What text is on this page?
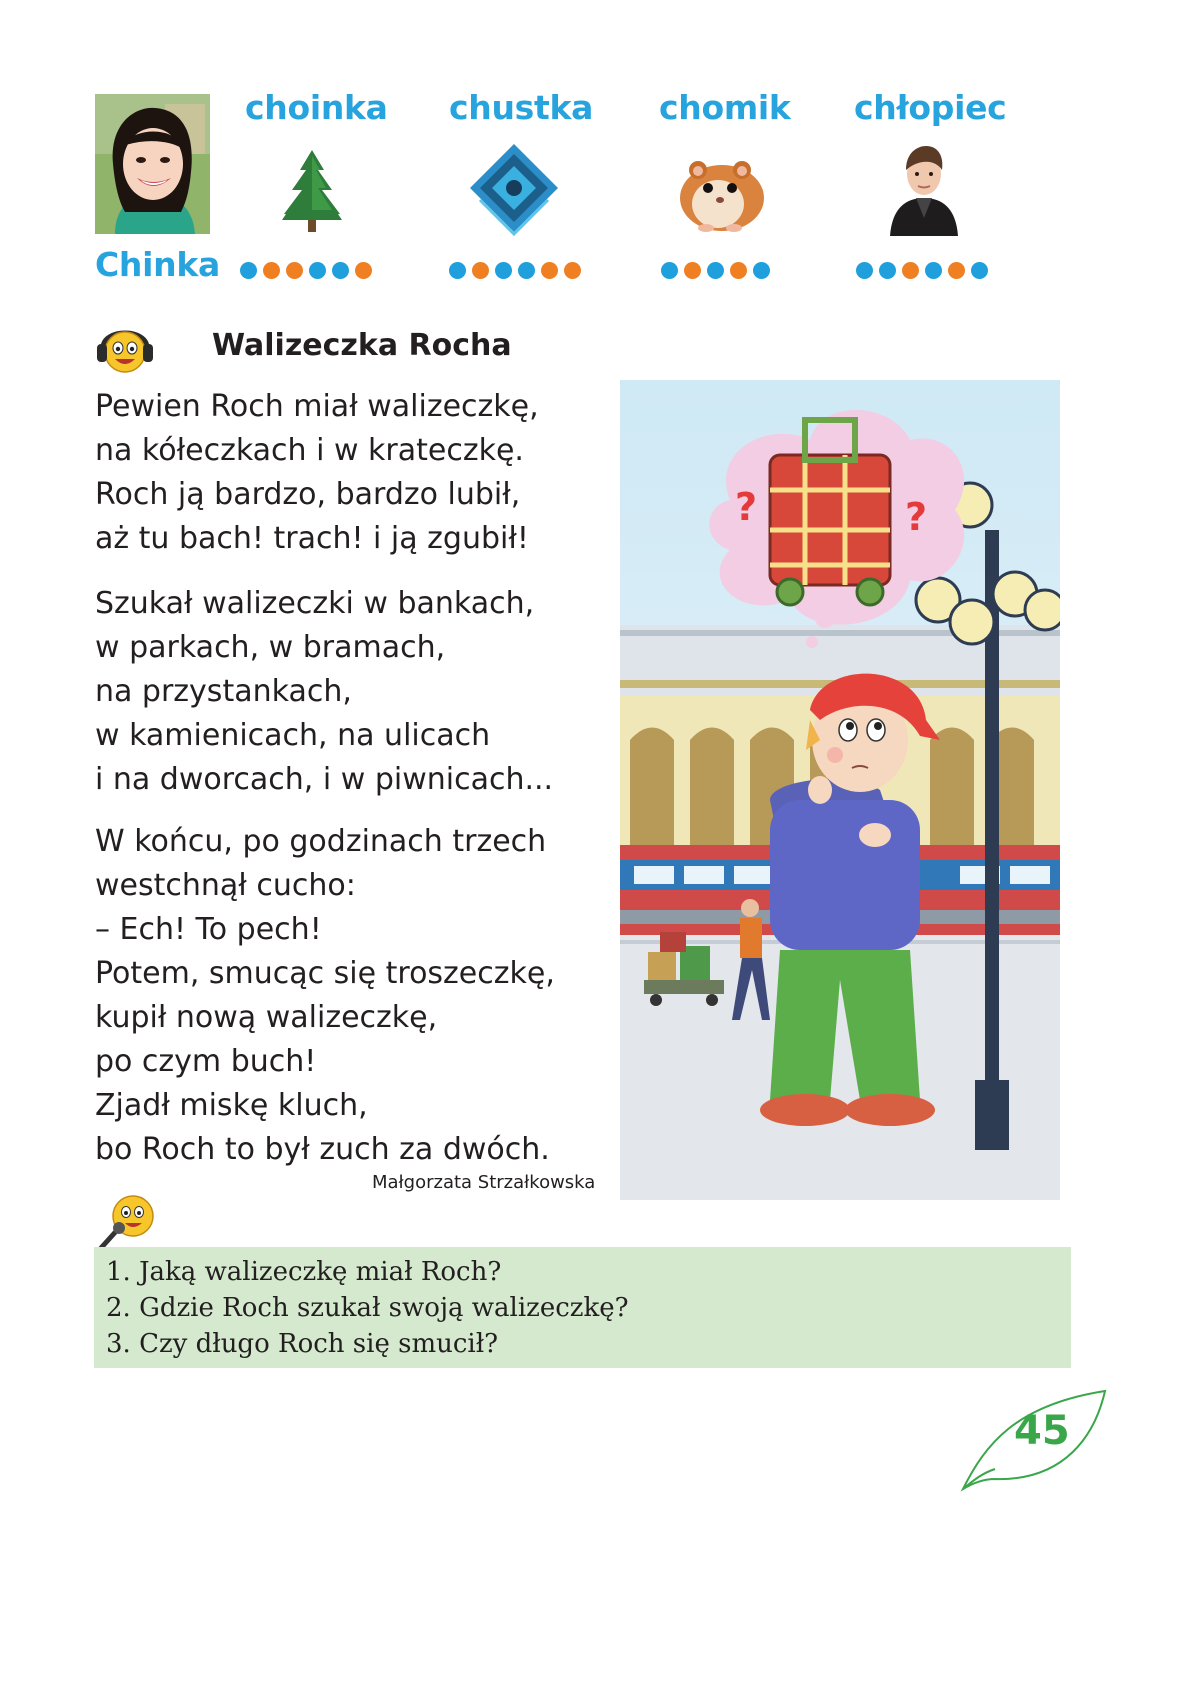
choinka chustka chomik chłopiec
Chinka
Walizeczka Rocha
Pewien Roch miał walizeczkę,
na kółeczkach i w krateczkę.
Roch ją bardzo, bardzo lubił,
aż tu bach! trach! i ją zgubił!
Szukał walizeczki w bankach,
w parkach, w bramach,
na przystankach,
w kamienicach, na ulicach
i na dworcach, i w piwnicach...
W końcu, po godzinach trzech
westchnął cucho:
– Ech! To pech!
Potem, smucąc się troszeczkę,
kupił nową walizeczkę,
po czym buch!
Zjadł miskę kluch,
bo Roch to był zuch za dwóch.
Małgorzata Strzałkowska
?	?
1. Jaką walizeczkę miał Roch?
2. Gdzie Roch szukał swoją walizeczkę?
3. Czy długo Roch się smucił?
45
